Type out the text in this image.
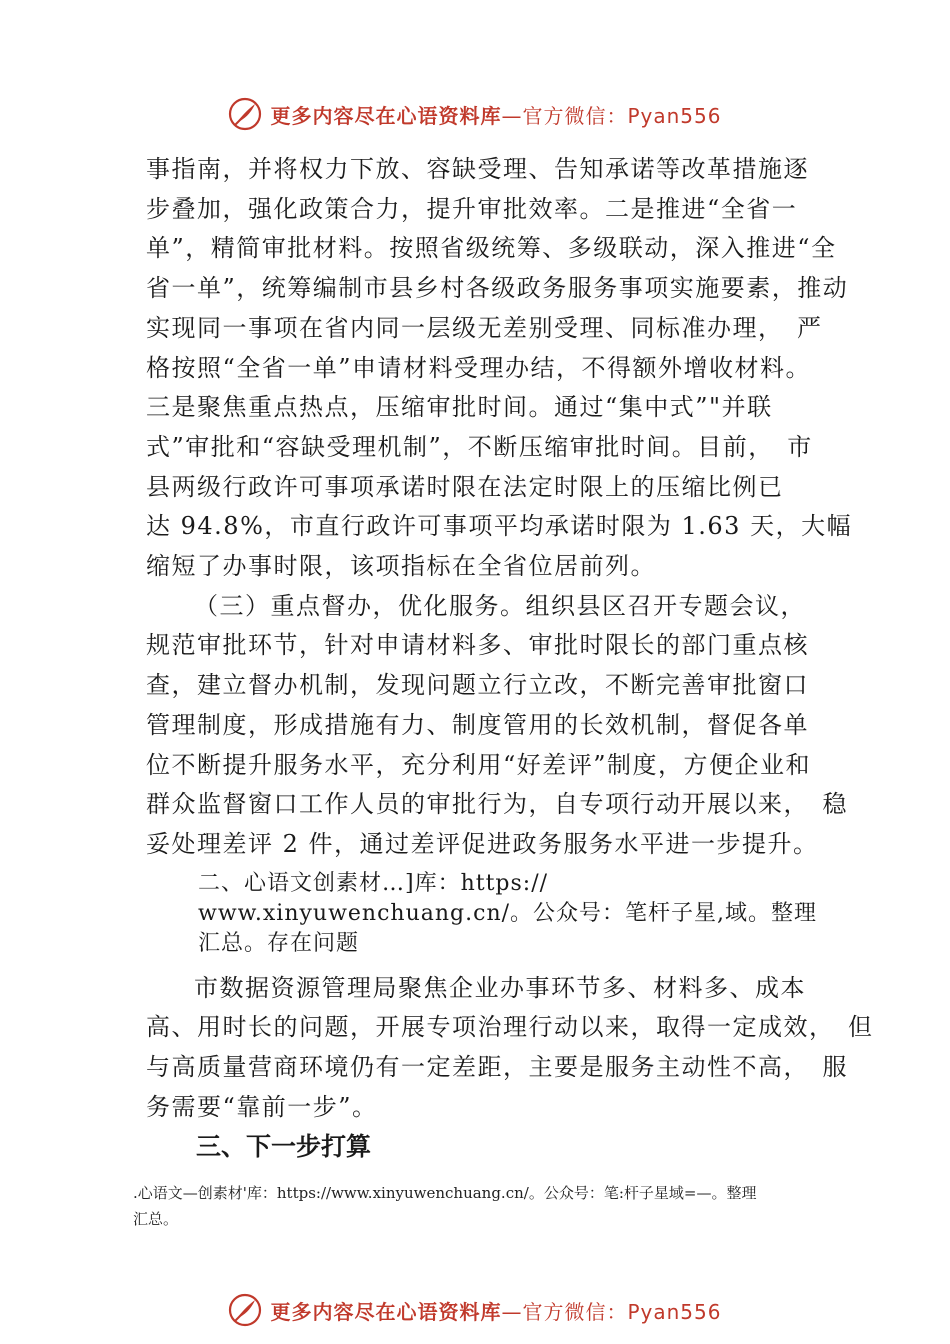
更多内容尽在心语资料库—官方微信：Pyan556

事指南，并将权力下放、容缺受理、告知承诺等改革措施逐

步叠加，强化政策合力，提升审批效率。二是推进“全省一

单”，精简审批材料。按照省级统筹、多级联动，深入推进“全

省一单”，统筹编制市县乡村各级政务服务事项实施要素，推动

实现同一事项在省内同一层级无差别受理、同标准办理，　严

格按照“全省一单”申请材料受理办结，不得额外增收材料。

三是聚焦重点热点，压缩审批时间。通过“集中式”"并联

式”审批和“容缺受理机制”，不断压缩审批时间。目前，　市

县两级行政许可事项承诺时限在法定时限上的压缩比例已

达 94.8%，市直行政许可事项平均承诺时限为 1.63 天，大幅

缩短了办事时限，该项指标在全省位居前列。

（三）重点督办，优化服务。组织县区召开专题会议，

规范审批环节，针对申请材料多、审批时限长的部门重点核

查，建立督办机制，发现问题立行立改，不断完善审批窗口

管理制度，形成措施有力、制度管用的长效机制，督促各单

位不断提升服务水平，充分利用“好差评”制度，方便企业和

群众监督窗口工作人员的审批行为，自专项行动开展以来，　稳

妥处理差评 2 件，通过差评促进政务服务水平进一步提升。

二、心语文创素材…]库：https://

www.xinyuwenchuang.cn/。公众号：笔杆子星,域。整理

汇总。存在问题

市数据资源管理局聚焦企业办事环节多、材料多、成本

高、用时长的问题，开展专项治理行动以来，取得一定成效，　但

与高质量营商环境仍有一定差距，主要是服务主动性不高，　服

务需要“靠前一步”。

三、下一步打算

.心语文—创素材'库：https://www.xinyuwenchuang.cn/。公众号：笔:杆子星域=—。整理
汇总。
更多内容尽在心语资料库—官方微信：Pyan556
